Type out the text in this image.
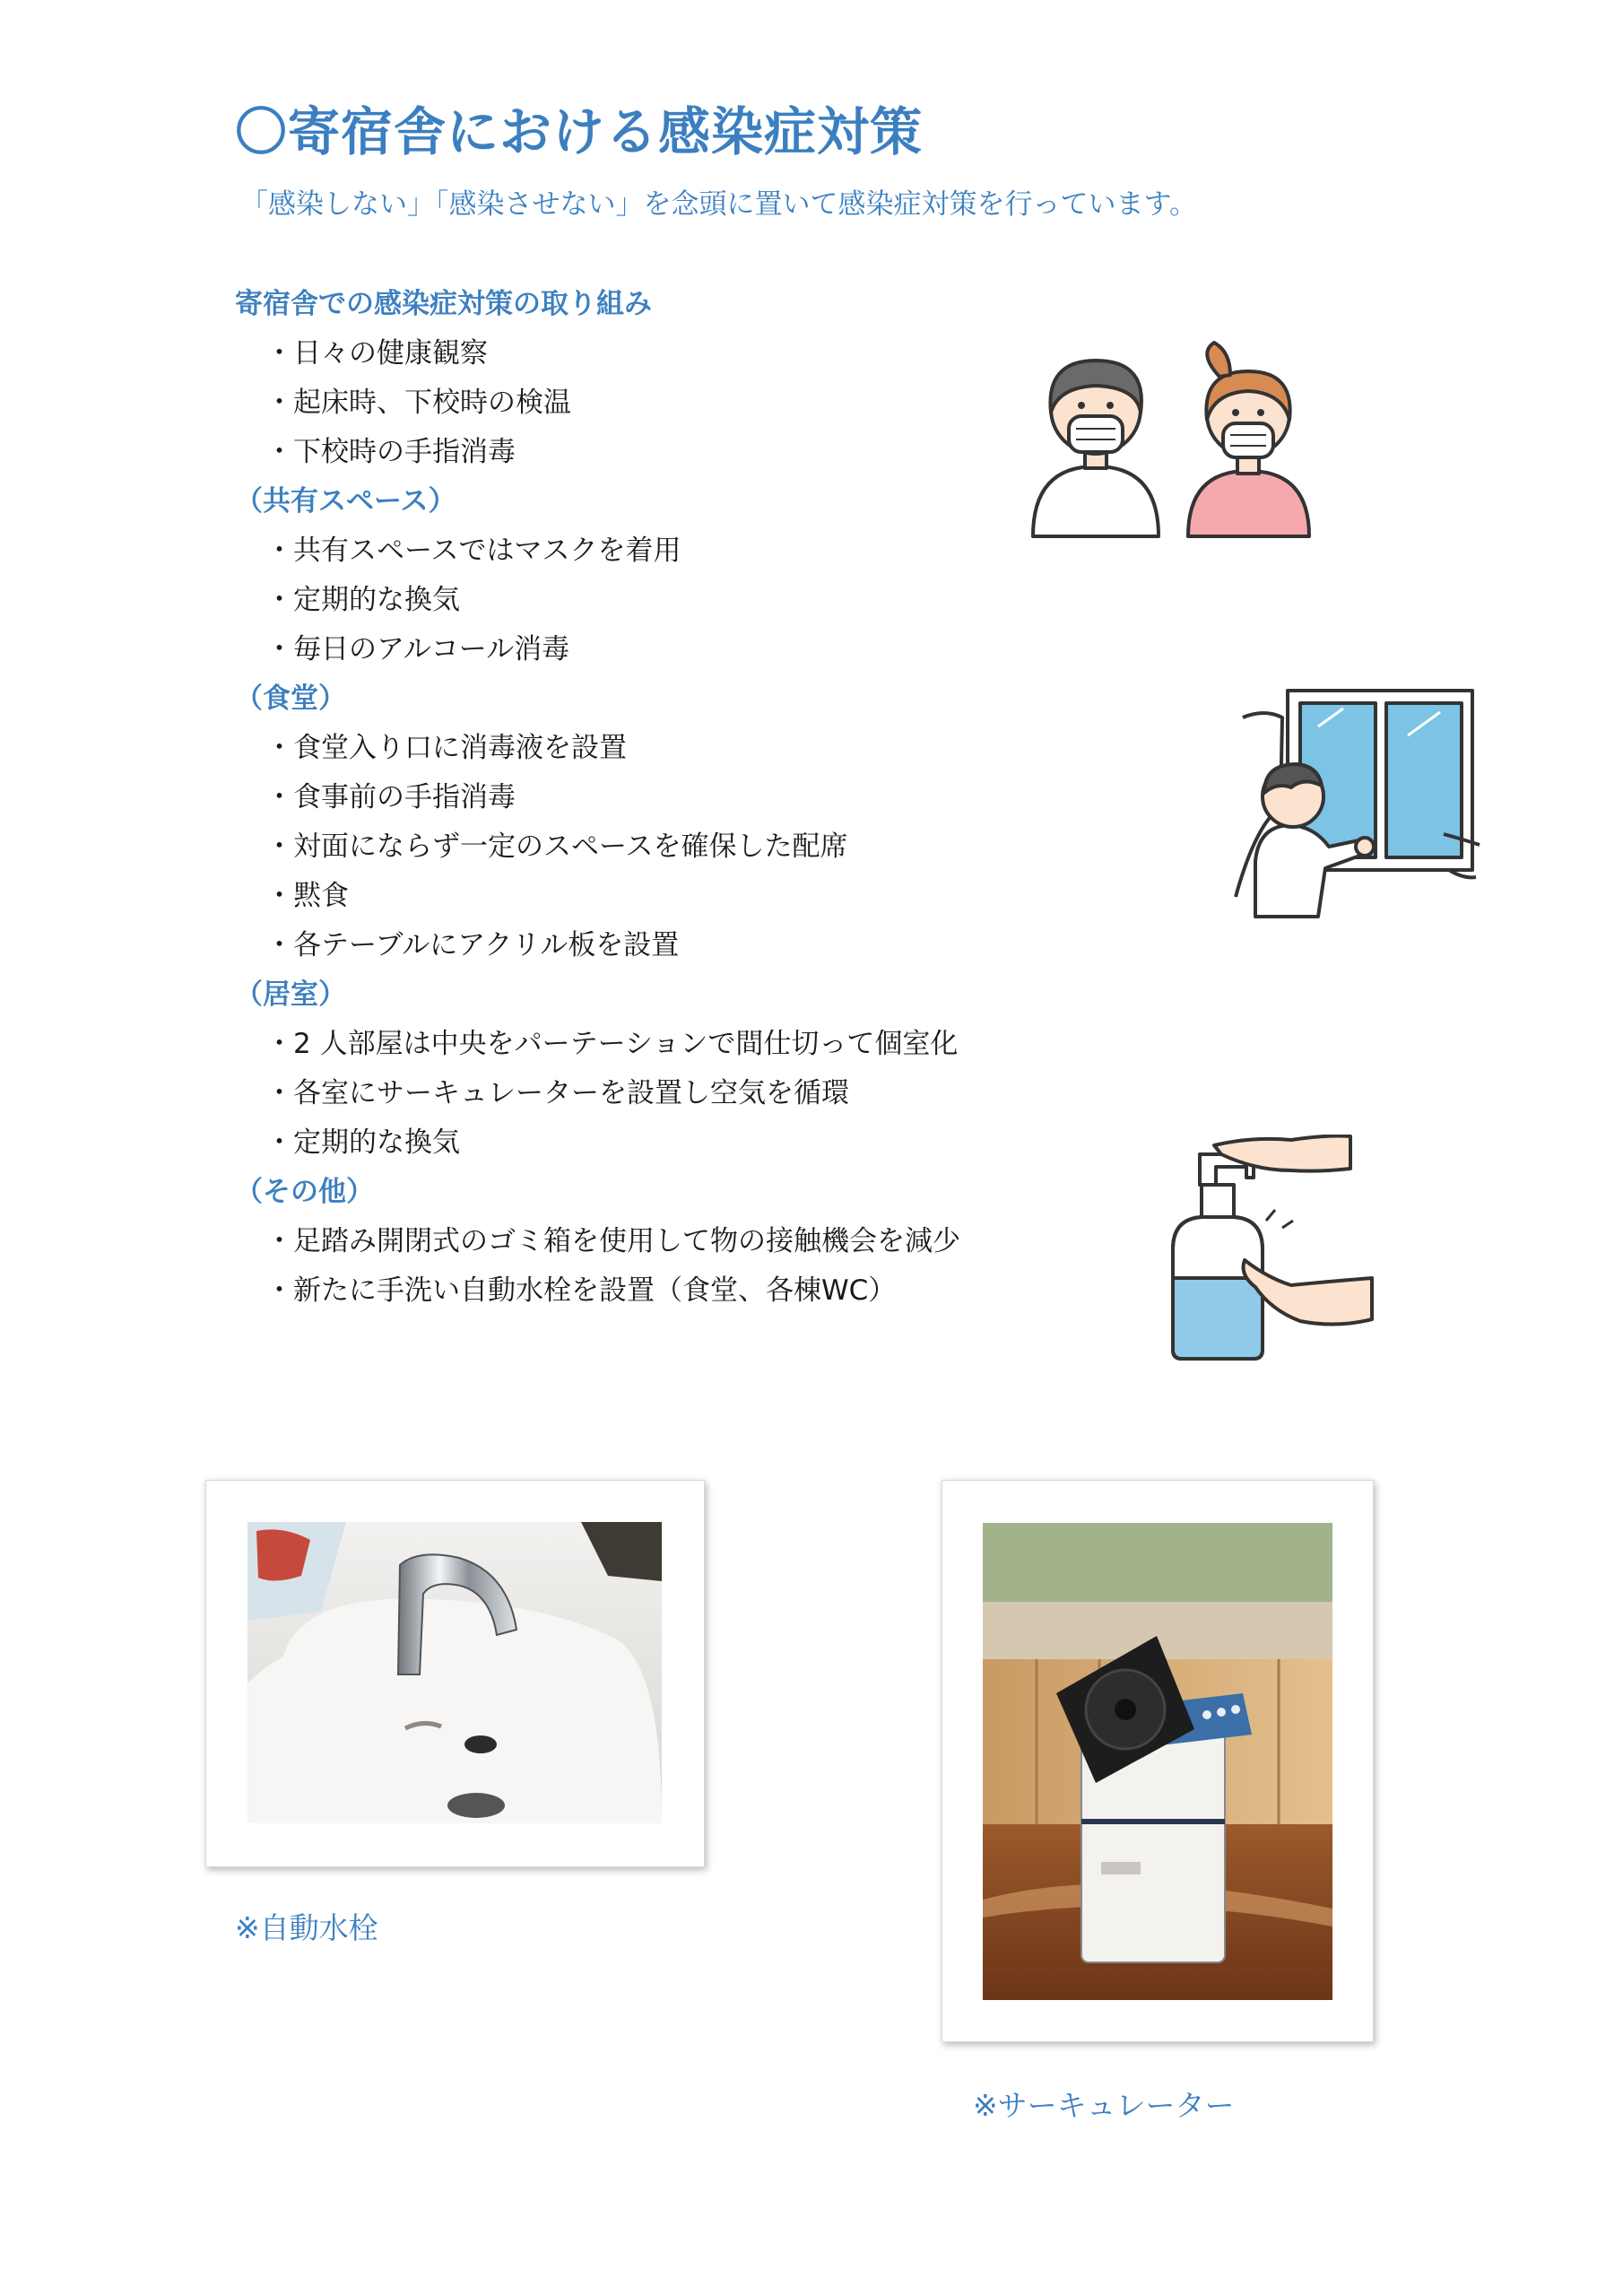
〇寄宿舎における感染症対策
「感染しない」「感染させない」を念頭に置いて感染症対策を行っています。
寄宿舎での感染症対策の取り組み
・日々の健康観察
・起床時、下校時の検温
・下校時の手指消毒
（共有スペース）
・共有スペースではマスクを着用
・定期的な換気
・毎日のアルコール消毒
（食堂）
・食堂入り口に消毒液を設置
・食事前の手指消毒
・対面にならず一定のスペースを確保した配席
・黙食
・各テーブルにアクリル板を設置
（居室）
・2 人部屋は中央をパーテーションで間仕切って個室化
・各室にサーキュレーターを設置し空気を循環
・定期的な換気
（その他）
・足踏み開閉式のゴミ箱を使用して物の接触機会を減少
・新たに手洗い自動水栓を設置（食堂、各棟WC）
※自動水栓
※サーキュレーター
